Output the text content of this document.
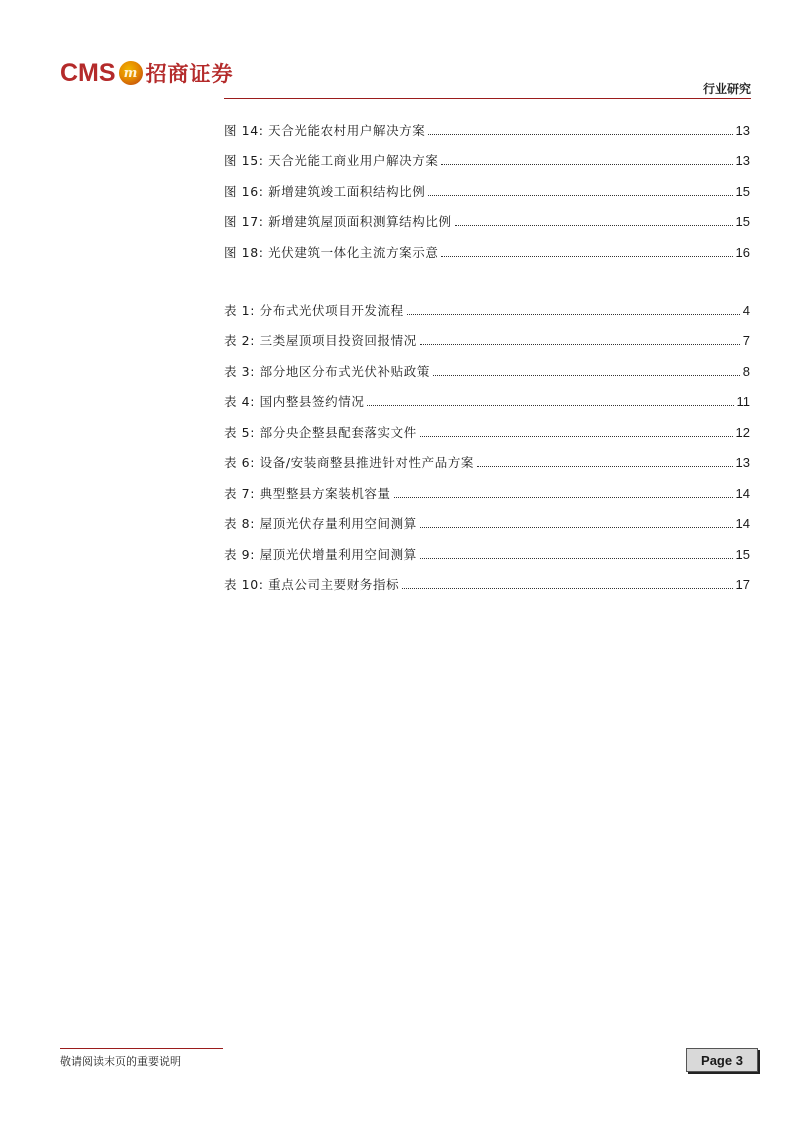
CMS m 招商证券
行业研究
图 14: 天合光能农村用户解决方案	13
图 15: 天合光能工商业用户解决方案	13
图 16: 新增建筑竣工面积结构比例	15
图 17: 新增建筑屋顶面积测算结构比例	15
图 18: 光伏建筑一体化主流方案示意	16
表 1: 分布式光伏项目开发流程	4
表 2: 三类屋顶项目投资回报情况	7
表 3: 部分地区分布式光伏补贴政策	8
表 4: 国内整县签约情况	11
表 5: 部分央企整县配套落实文件	12
表 6: 设备/安装商整县推进针对性产品方案	13
表 7: 典型整县方案装机容量	14
表 8: 屋顶光伏存量利用空间测算	14
表 9: 屋顶光伏增量利用空间测算	15
表 10: 重点公司主要财务指标	17
敬请阅读末页的重要说明	Page 3
